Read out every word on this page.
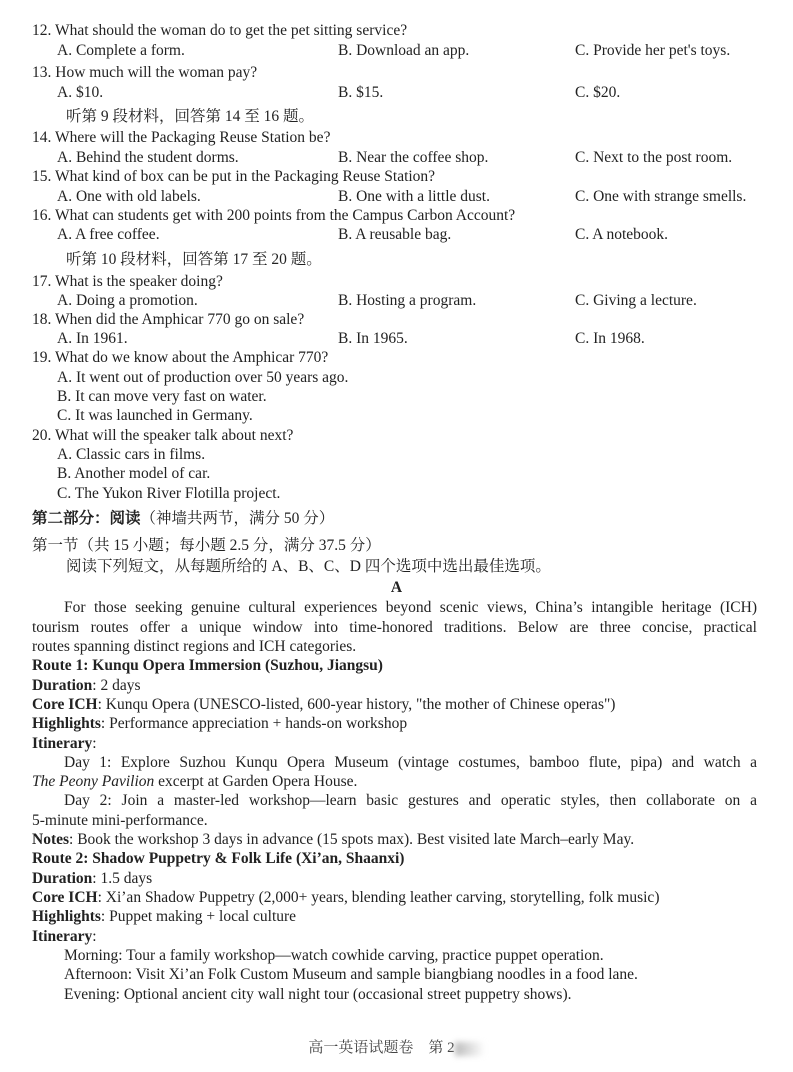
12. What should the woman do to get the pet sitting service?
A. Complete a form.	B. Download an app.	C. Provide her pet's toys.
13. How much will the woman pay?
A. $10.	B. $15.	C. $20.
听第 9 段材料，回答第 14 至 16 题。
14. Where will the Packaging Reuse Station be?
A. Behind the student dorms.	B. Near the coffee shop.	C. Next to the post room.
15. What kind of box can be put in the Packaging Reuse Station?
A. One with old labels.	B. One with a little dust.	C. One with strange smells.
16. What can students get with 200 points from the Campus Carbon Account?
A. A free coffee.	B. A reusable bag.	C. A notebook.
听第 10 段材料，回答第 17 至 20 题。
17. What is the speaker doing?
A. Doing a promotion.	B. Hosting a program.	C. Giving a lecture.
18. When did the Amphicar 770 go on sale?
A. In 1961.	B. In 1965.	C. In 1968.
19. What do we know about the Amphicar 770?
A. It went out of production over 50 years ago.
B. It can move very fast on water.
C. It was launched in Germany.
20. What will the speaker talk about next?
A. Classic cars in films.
B. Another model of car.
C. The Yukon River Flotilla project.
第二部分：阅读（神墙共两节，满分 50 分）
第一节（共 15 小题；每小题 2.5 分，满分 37.5 分）
阅读下列短文，从每题所给的 A、B、C、D 四个选项中选出最佳选项。
A
For those seeking genuine cultural experiences beyond scenic views, China’s intangible heritage (ICH)
tourism routes offer a unique window into time-honored traditions. Below are three concise, practical
routes spanning distinct regions and ICH categories.
Route 1: Kunqu Opera Immersion (Suzhou, Jiangsu)
Duration: 2 days
Core ICH: Kunqu Opera (UNESCO-listed, 600-year history, "the mother of Chinese operas")
Highlights: Performance appreciation + hands-on workshop
Itinerary:
Day 1: Explore Suzhou Kunqu Opera Museum (vintage costumes, bamboo flute, pipa) and watch a
The Peony Pavilion excerpt at Garden Opera House.
Day 2: Join a master-led workshop—learn basic gestures and operatic styles, then collaborate on a
5-minute mini-performance.
Notes: Book the workshop 3 days in advance (15 spots max). Best visited late March–early May.
Route 2: Shadow Puppetry & Folk Life (Xi’an, Shaanxi)
Duration: 1.5 days
Core ICH: Xi’an Shadow Puppetry (2,000+ years, blending leather carving, storytelling, folk music)
Highlights: Puppet making + local culture
Itinerary:
Morning: Tour a family workshop—watch cowhide carving, practice puppet operation.
Afternoon: Visit Xi’an Folk Custom Museum and sample biangbiang noodles in a food lane.
Evening: Optional ancient city wall night tour (occasional street puppetry shows).
高一英语试题卷　第 2
